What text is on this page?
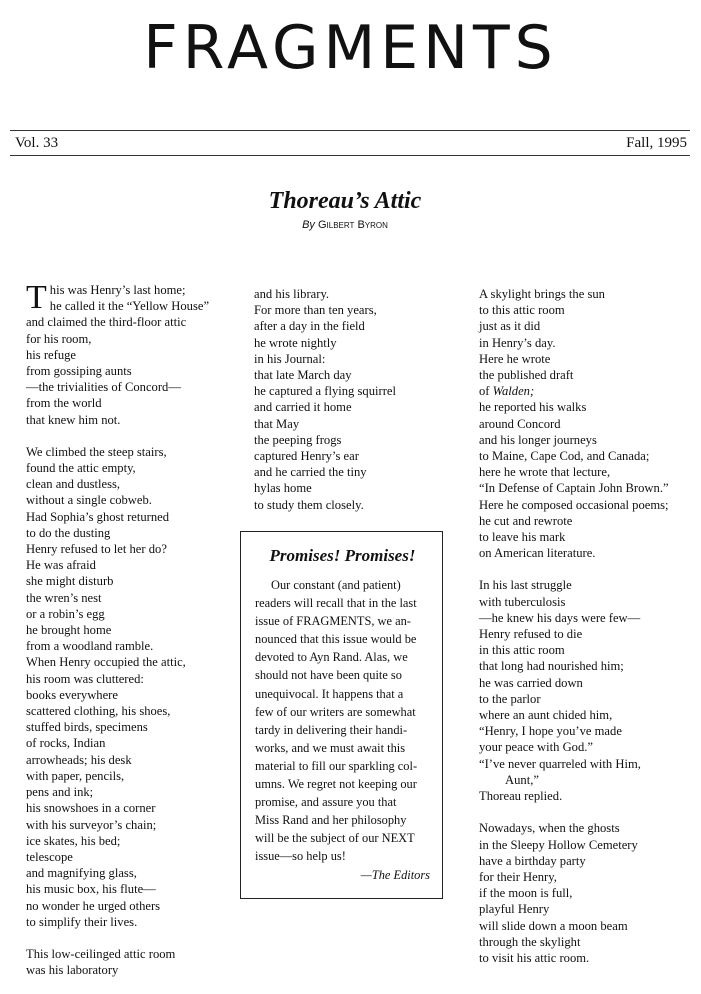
FRAGMENTS
Vol. 33	Fall, 1995
Thoreau’s Attic
By Gilbert Byron
T his was Henry’s last home;
he called it the “Yellow House”
and claimed the third-floor attic
for his room,
his refuge
from gossiping aunts
—the trivialities of Concord—
from the world
that knew him not.
We climbed the steep stairs,
found the attic empty,
clean and dustless,
without a single cobweb.
Had Sophia’s ghost returned
to do the dusting
Henry refused to let her do?
He was afraid
she might disturb
the wren’s nest
or a robin’s egg
he brought home
from a woodland ramble.
When Henry occupied the attic,
his room was cluttered:
books everywhere
scattered clothing, his shoes,
stuffed birds, specimens
of rocks, Indian
arrowheads; his desk
with paper, pencils,
pens and ink;
his snowshoes in a corner
with his surveyor’s chain;
ice skates, his bed;
telescope
and magnifying glass,
his music box, his flute—
no wonder he urged others
to simplify their lives.
This low-ceilinged attic room
was his laboratory
and his library.
For more than ten years,
after a day in the field
he wrote nightly
in his Journal:
that late March day
he captured a flying squirrel
and carried it home
that May
the peeping frogs
captured Henry’s ear
and he carried the tiny
hylas home
to study them closely.
A skylight brings the sun
to this attic room
just as it did
in Henry’s day.
Here he wrote
the published draft
of Walden;
he reported his walks
around Concord
and his longer journeys
to Maine, Cape Cod, and Canada;
here he wrote that lecture,
“In Defense of Captain John Brown.”
Here he composed occasional poems;
he cut and rewrote
to leave his mark
on American literature.
In his last struggle
with tuberculosis
—he knew his days were few—
Henry refused to die
in this attic room
that long had nourished him;
he was carried down
to the parlor
where an aunt chided him,
“Henry, I hope you’ve made
your peace with God.”
“I’ve never quarreled with Him,
Aunt,”
Thoreau replied.
Nowadays, when the ghosts
in the Sleepy Hollow Cemetery
have a birthday party
for their Henry,
if the moon is full,
playful Henry
will slide down a moon beam
through the skylight
to visit his attic room.
Promises! Promises!
Our constant (and patient)
readers will recall that in the last
issue of FRAGMENTS, we an-
nounced that this issue would be
devoted to Ayn Rand. Alas, we
should not have been quite so
unequivocal. It happens that a
few of our writers are somewhat
tardy in delivering their handi-
works, and we must await this
material to fill our sparkling col-
umns. We regret not keeping our
promise, and assure you that
Miss Rand and her philosophy
will be the subject of our NEXT
issue—so help us!
—The Editors
